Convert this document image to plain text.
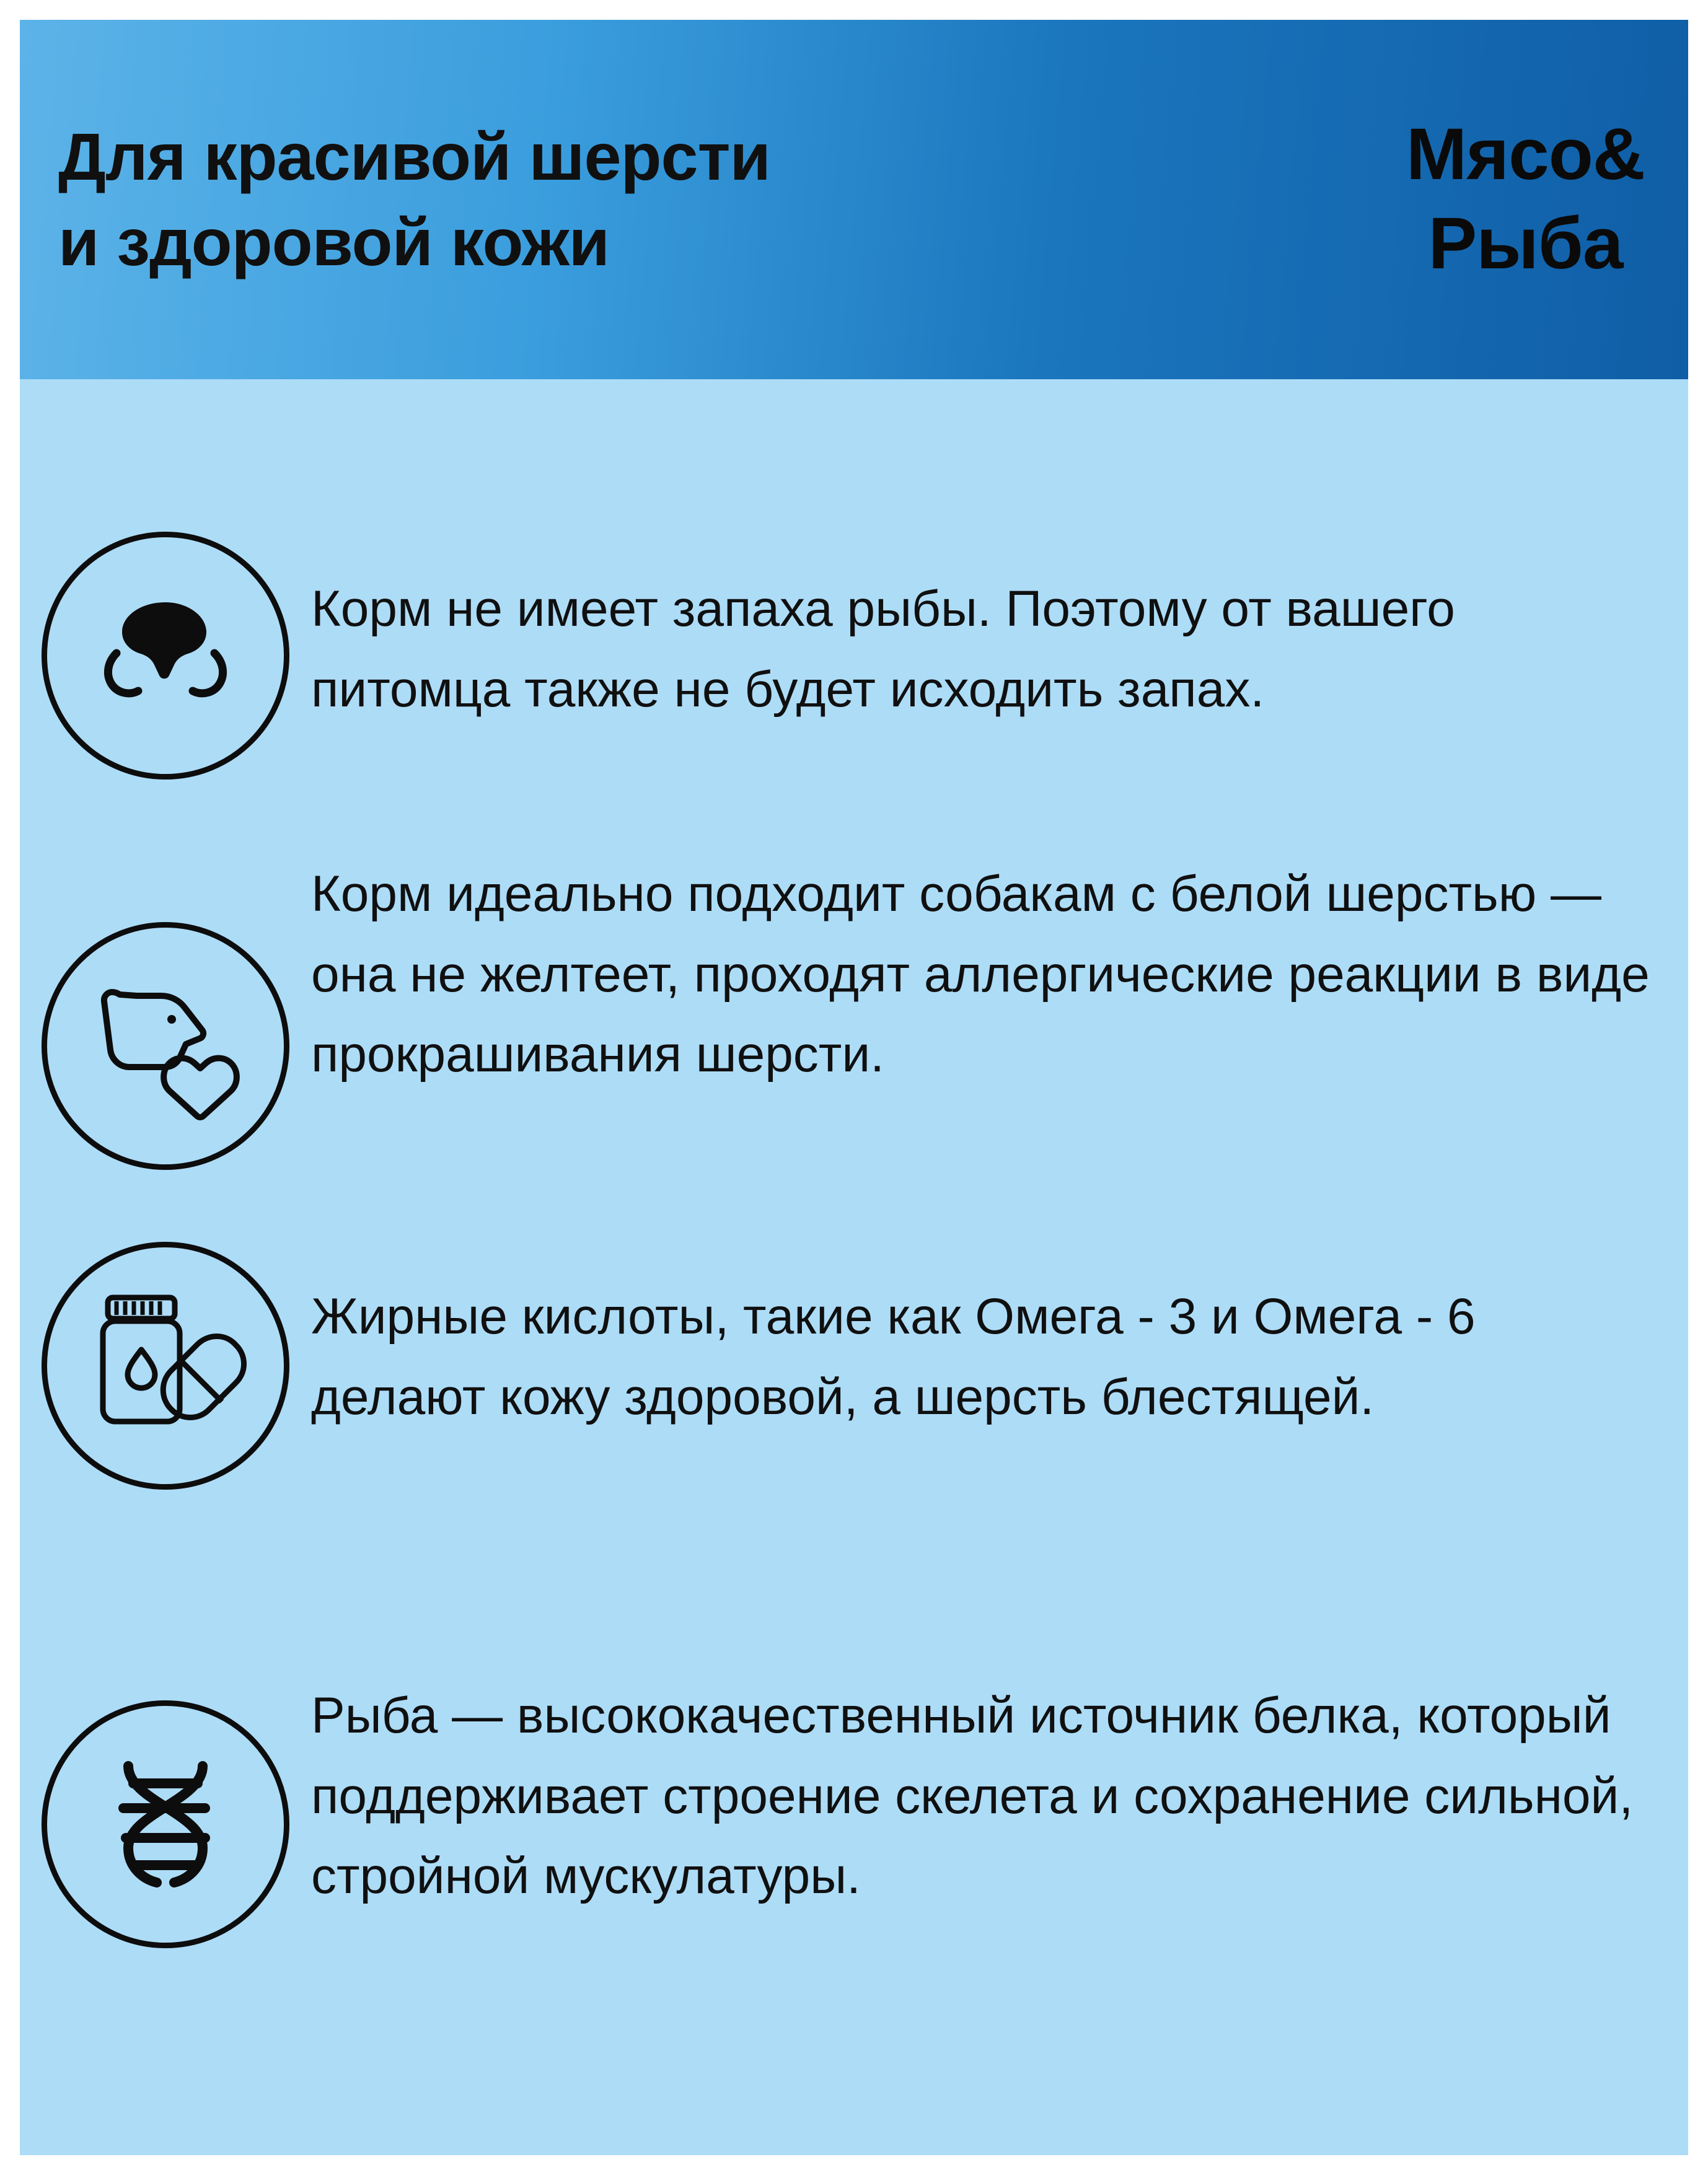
Для красивой шерсти
и здоровой кожи
Мясо&
Рыба
Корм не имеет запаха рыбы. Поэтому от вашего питомца также не будет исходить запах.
Корм идеально подходит собакам с белой шерстью — она не желтеет, проходят аллергические реакции в виде прокрашивания шерсти.
Жирные кислоты, такие как Омега - 3 и Омега - 6 делают кожу здоровой, а шерсть блестящей.
Рыба — высококачественный источник белка, который поддерживает строение скелета и сохранение сильной, стройной мускулатуры.
